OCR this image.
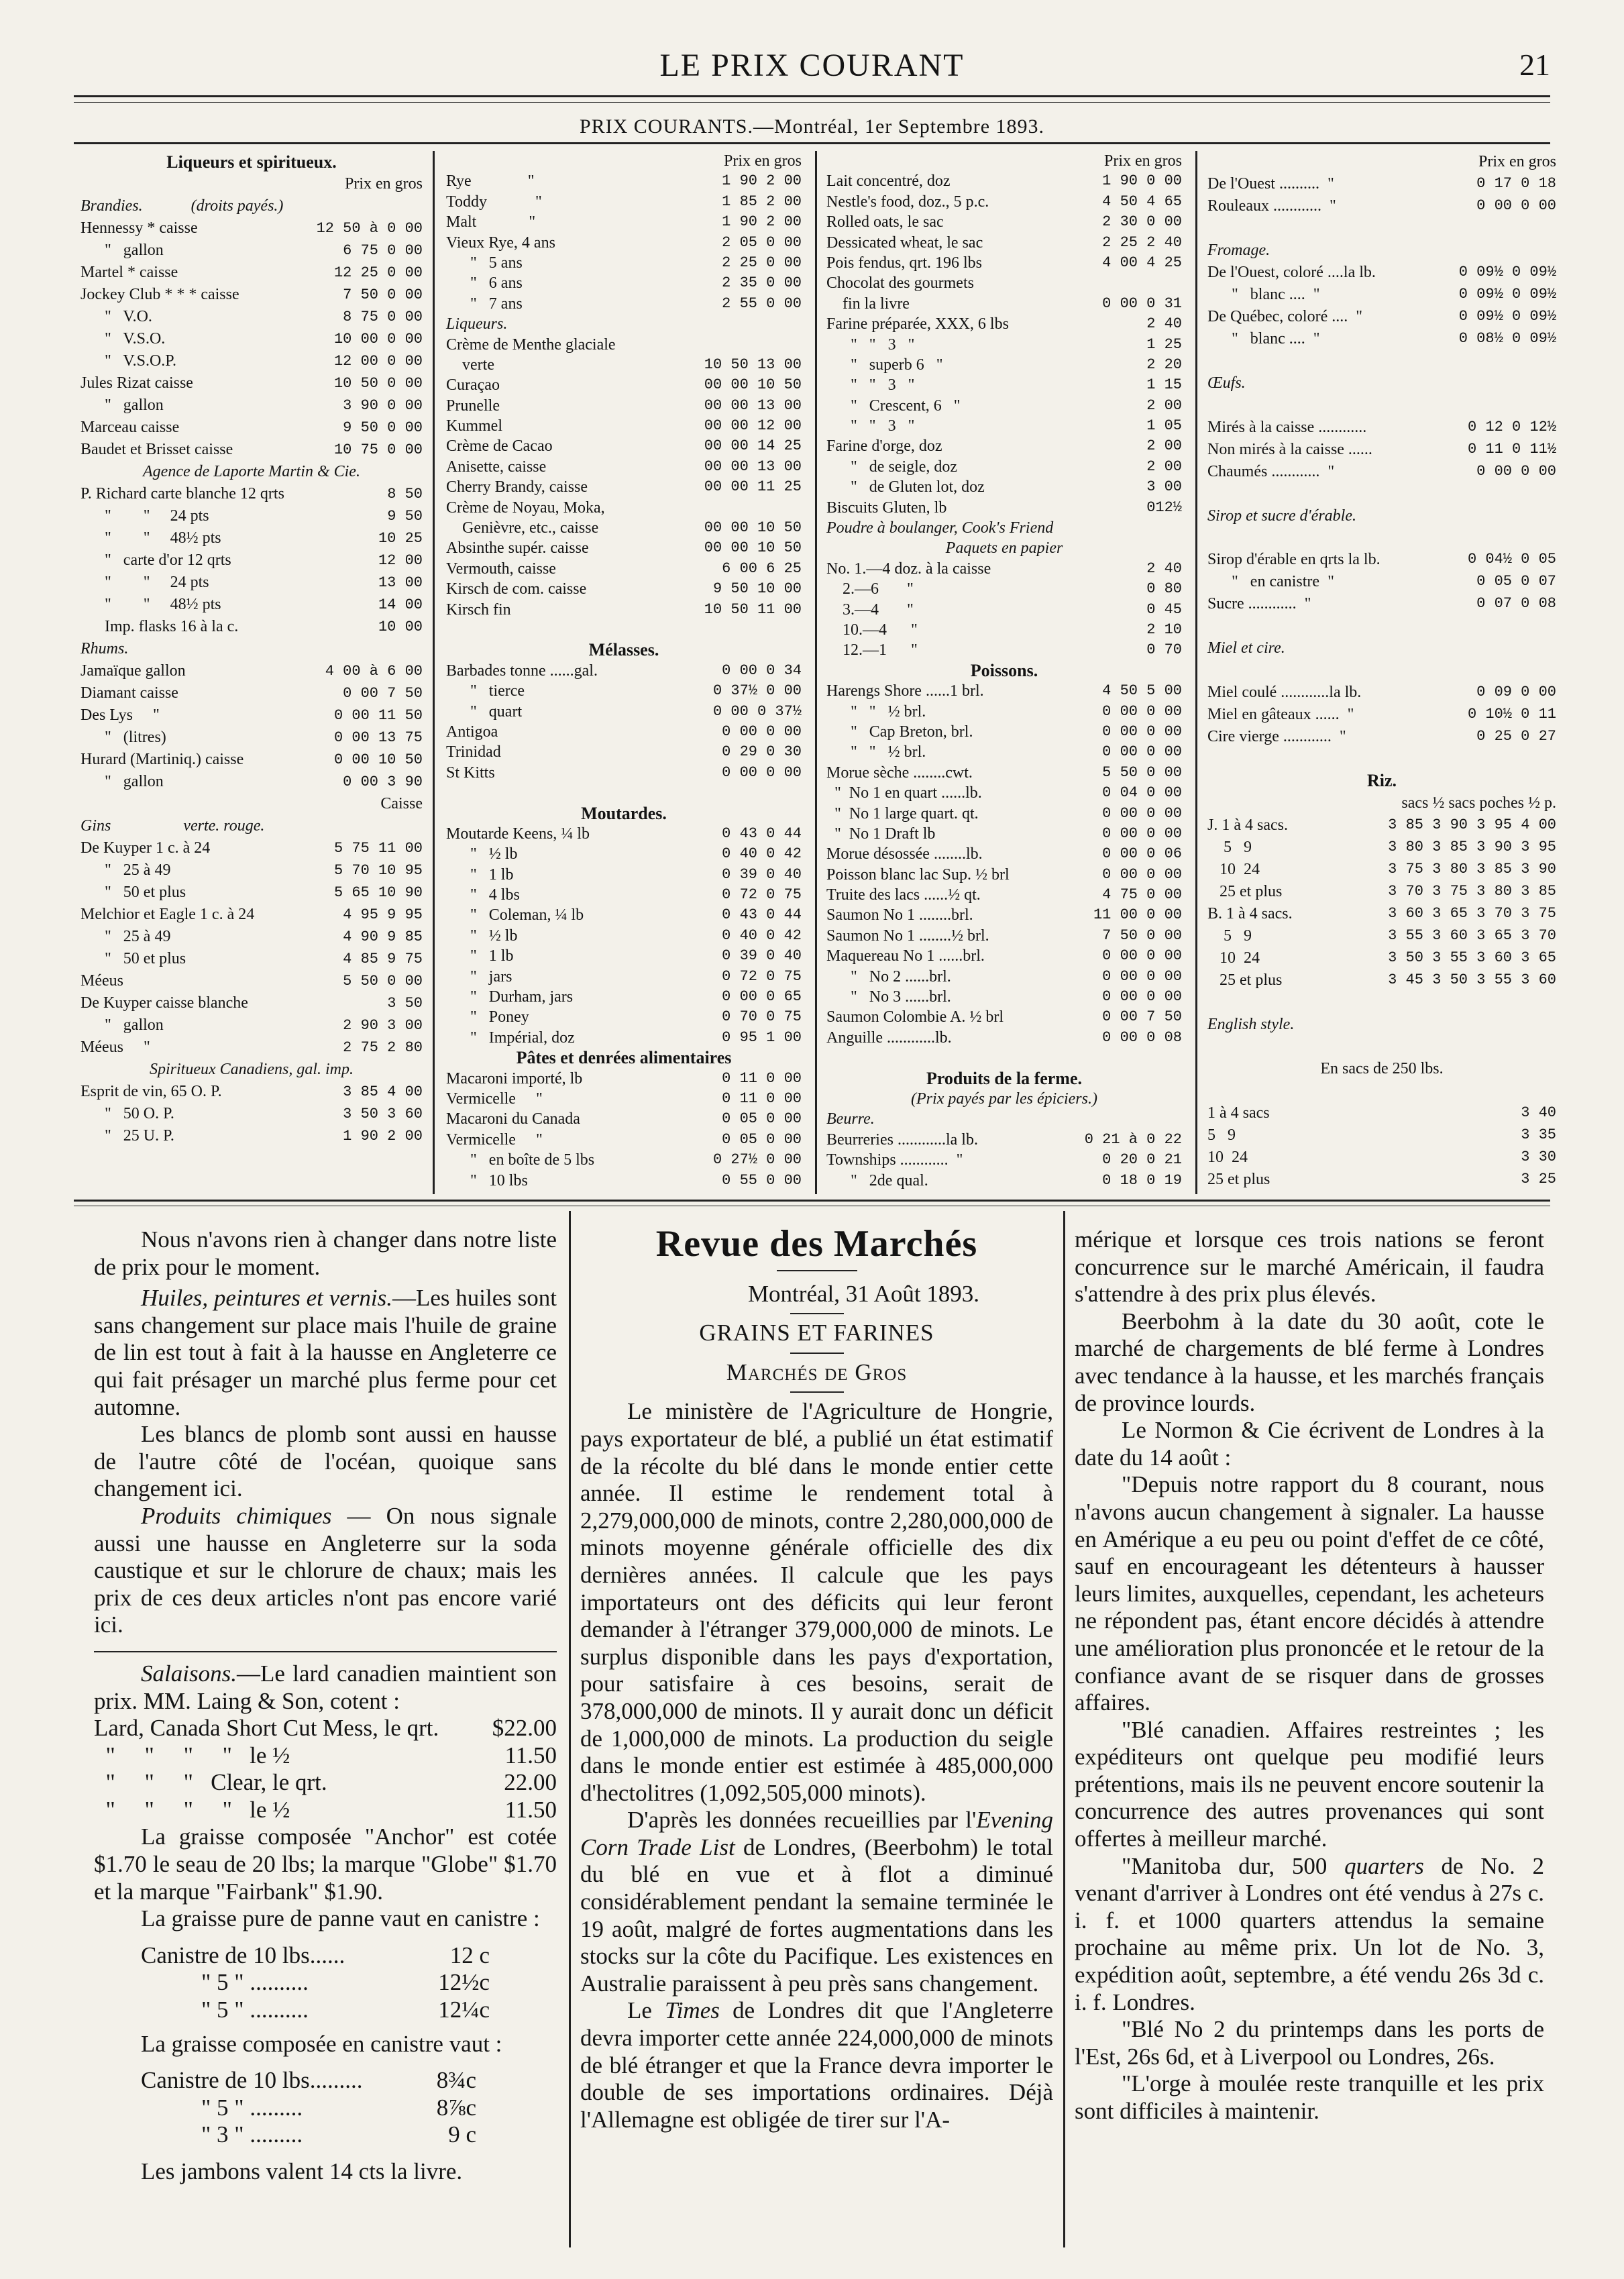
LE PRIX COURANT	21
PRIX COURANTS.—Montréal, 1er Septembre 1893.
Liqueurs et spiritueux.
Prix en gros
Brandies.            (droits payés.)
Hennessy * caisse	12 50 à 0 00
"   gallon	6 75 0 00
Martel * caisse	12 25 0 00
Jockey Club * * * caisse	7 50 0 00
"   V.O.	8 75 0 00
"   V.S.O.	10 00 0 00
"   V.S.O.P.	12 00 0 00
Jules Rizat caisse	10 50 0 00
"   gallon	3 90 0 00
Marceau caisse	9 50 0 00
Baudet et Brisset caisse	10 75 0 00
Agence de Laporte Martin & Cie.
P. Richard carte blanche 12 qrts	8 50
"        "     24 pts	9 50
"        "     48½ pts	10 25
"   carte d'or 12 qrts	12 00
"        "     24 pts	13 00
"        "     48½ pts	14 00
Imp. flasks 16 à la c.	10 00
Rhums.
Jamaïque gallon	4 00 à 6 00
Diamant caisse	0 00 7 50
Des Lys     "	0 00 11 50
"   (litres)	0 00 13 75
Hurard (Martiniq.) caisse	0 00 10 50
"   gallon	0 00 3 90
Caisse
Gins                  verte. rouge.
De Kuyper 1 c. à 24	5 75 11 00
"   25 à 49	5 70 10 95
"   50 et plus	5 65 10 90
Melchior et Eagle 1 c. à 24	4 95 9 95
"   25 à 49	4 90 9 85
"   50 et plus	4 85 9 75
Méeus	5 50 0 00
De Kuyper caisse blanche	3 50
"   gallon	2 90 3 00
Méeus     "	2 75 2 80
Spiritueux Canadiens, gal. imp.
Esprit de vin, 65 O. P.	3 85 4 00
"   50 O. P.	3 50 3 60
"   25 U. P.	1 90 2 00
Prix en gros
Rye              "	1 90 2 00
Toddy            "	1 85 2 00
Malt             "	1 90 2 00
Vieux Rye, 4 ans	2 05 0 00
"   5 ans	2 25 0 00
"   6 ans	2 35 0 00
"   7 ans	2 55 0 00
Liqueurs.
Crème de Menthe glaciale
verte	10 50 13 00
Curaçao	00 00 10 50
Prunelle	00 00 13 00
Kummel	00 00 12 00
Crème de Cacao	00 00 14 25
Anisette, caisse	00 00 13 00
Cherry Brandy, caisse	00 00 11 25
Crème de Noyau, Moka,
Genièvre, etc., caisse	00 00 10 50
Absinthe supér. caisse	00 00 10 50
Vermouth, caisse	6 00 6 25
Kirsch de com. caisse	9 50 10 00
Kirsch fin	10 50 11 00
Mélasses.
Barbades tonne ......gal.	0 00 0 34
"   tierce	0 37½ 0 00
"   quart	0 00 0 37½
Antigoa	0 00 0 00
Trinidad	0 29 0 30
St Kitts	0 00 0 00
Moutardes.
Moutarde Keens, ¼ lb	0 43 0 44
"   ½ lb	0 40 0 42
"   1 lb	0 39 0 40
"   4 lbs	0 72 0 75
"   Coleman, ¼ lb	0 43 0 44
"   ½ lb	0 40 0 42
"   1 lb	0 39 0 40
"   jars	0 72 0 75
"   Durham, jars	0 00 0 65
"   Poney	0 70 0 75
"   Impérial, doz	0 95 1 00
Pâtes et denrées alimentaires
Macaroni importé, lb	0 11 0 00
Vermicelle     "	0 11 0 00
Macaroni du Canada	0 05 0 00
Vermicelle     "	0 05 0 00
"   en boîte de 5 lbs	0 27½ 0 00
"   10 lbs	0 55 0 00
Prix en gros
Lait concentré, doz	1 90 0 00
Nestle's food, doz., 5 p.c.	4 50 4 65
Rolled oats, le sac	2 30 0 00
Dessicated wheat, le sac	2 25 2 40
Pois fendus, qrt. 196 lbs	4 00 4 25
Chocolat des gourmets
fin la livre	0 00 0 31
Farine préparée, XXX, 6 lbs	2 40
"   "   3   "	1 25
"   superb 6   "	2 20
"   "   3   "	1 15
"   Crescent, 6   "	2 00
"   "   3   "	1 05
Farine d'orge, doz	2 00
"   de seigle, doz	2 00
"   de Gluten lot, doz	3 00
Biscuits Gluten, lb	012½
Poudre à boulanger, Cook's Friend
Paquets en papier
No. 1.—4 doz. à la caisse	2 40
2.—6       "	0 80
3.—4       "	0 45
10.—4      "	2 10
12.—1      "	0 70
Poissons.
Harengs Shore ......1 brl.	4 50 5 00
"   "   ½ brl.	0 00 0 00
"   Cap Breton, brl.	0 00 0 00
"   "   ½ brl.	0 00 0 00
Morue sèche ........cwt.	5 50 0 00
"  No 1 en quart ......lb.	0 04 0 00
"  No 1 large quart. qt.	0 00 0 00
"  No 1 Draft lb	0 00 0 00
Morue désossée ........lb.	0 00 0 06
Poisson blanc lac Sup. ½ brl	0 00 0 00
Truite des lacs ......½ qt.	4 75 0 00
Saumon No 1 ........brl.	11 00 0 00
Saumon No 1 ........½ brl.	7 50 0 00
Maquereau No 1 ......brl.	0 00 0 00
"   No 2 ......brl.	0 00 0 00
"   No 3 ......brl.	0 00 0 00
Saumon Colombie A. ½ brl	0 00 7 50
Anguille ............lb.	0 00 0 08
Produits de la ferme.
(Prix payés par les épiciers.)
Beurre.
Beurreries ............la lb.	0 21 à 0 22
Townships ............  "	0 20 0 21
"   2de qual.	0 18 0 19
Prix en gros
De l'Ouest ..........  "	0 17 0 18
Rouleaux ............  "	0 00 0 00
Fromage.
De l'Ouest, coloré ....la lb.	0 09½ 0 09½
"   blanc ....  "	0 09½ 0 09½
De Québec, coloré ....  "	0 09½ 0 09½
"   blanc ....  "	0 08½ 0 09½
Œufs.
Mirés à la caisse ............	0 12 0 12½
Non mirés à la caisse ......	0 11 0 11½
Chaumés ............  "	0 00 0 00
Sirop et sucre d'érable.
Sirop d'érable en qrts la lb.	0 04½ 0 05
"   en canistre  "	0 05 0 07
Sucre ............  "	0 07 0 08
Miel et cire.
Miel coulé ............la lb.	0 09 0 00
Miel en gâteaux ......  "	0 10½ 0 11
Cire vierge ............  "	0 25 0 27
Riz.
sacs ½ sacs poches ½ p.
J. 1 à 4 sacs.	3 85 3 90 3 95 4 00
5   9	3 80 3 85 3 90 3 95
10  24	3 75 3 80 3 85 3 90
25 et plus	3 70 3 75 3 80 3 85
B. 1 à 4 sacs.	3 60 3 65 3 70 3 75
5   9	3 55 3 60 3 65 3 70
10  24	3 50 3 55 3 60 3 65
25 et plus	3 45 3 50 3 55 3 60
English style.
En sacs de 250 lbs.
1 à 4 sacs	3 40
5   9	3 35
10  24	3 30
25 et plus	3 25

Nous n'avons rien à changer dans notre liste de prix pour le moment.

Huiles, peintures et vernis.—Les huiles sont sans changement sur place mais l'huile de graine de lin est tout à fait à la hausse en Angleterre ce qui fait présager un marché plus ferme pour cet automne.

Les blancs de plomb sont aussi en hausse de l'autre côté de l'océan, quoique sans changement ici.

Produits chimiques — On nous signale aussi une hausse en Angleterre sur la soda caustique et sur le chlorure de chaux; mais les prix de ces deux articles n'ont pas encore varié ici.

Salaisons.—Le lard canadien maintient son prix. MM. Laing & Son, cotent :

Lard, Canada Short Cut Mess, le qrt. $22.00
"     "     "     "   le ½	11.50
"     "     "   Clear, le qrt.	22.00
"     "     "     "   le ½	11.50

La graisse composée "Anchor" est cotée $1.70 le seau de 20 lbs; la marque "Globe" $1.70 et la marque "Fairbank" $1.90.

La graisse pure de panne vaut en canistre :

Canistre de 10 lbs......	12 c
" 5 " ..........	12½c
" 5 " ..........	12¼c

La graisse composée en canistre vaut :

Canistre de 10 lbs.........	8¾c
" 5 " .........	8⅞c
" 3 " .........	9 c

Les jambons valent 14 cts la livre.

Revue des Marchés

Montréal, 31 Août 1893.

GRAINS ET FARINES

Marchés de Gros

Le ministère de l'Agriculture de Hongrie, pays exportateur de blé, a publié un état estimatif de la récolte du blé dans le monde entier cette année. Il estime le rendement total à 2,279,000,000 de minots, contre 2,280,000,000 de minots moyenne générale officielle des dix dernières années. Il calcule que les pays importateurs ont des déficits qui leur feront demander à l'étranger 379,000,000 de minots. Le surplus disponible dans les pays d'exportation, pour satisfaire à ces besoins, serait de 378,000,000 de minots. Il y aurait donc un déficit de 1,000,000 de minots. La production du seigle dans le monde entier est estimée à 485,000,000 d'hectolitres (1,092,505,000 minots).

D'après les données recueillies par l'Evening Corn Trade List de Londres, (Beerbohm) le total du blé en vue et à flot a diminué considérablement pendant la semaine terminée le 19 août, malgré de fortes augmentations dans les stocks sur la côte du Pacifique. Les existences en Australie paraissent à peu près sans changement.

Le Times de Londres dit que l'Angleterre devra importer cette année 224,000,000 de minots de blé étranger et que la France devra importer le double de ses importations ordinaires. Déjà l'Allemagne est obligée de tirer sur l'A-

mérique et lorsque ces trois nations se feront concurrence sur le marché Américain, il faudra s'attendre à des prix plus élevés.

Beerbohm à la date du 30 août, cote le marché de chargements de blé ferme à Londres avec tendance à la hausse, et les marchés français de province lourds.

Le Normon & Cie écrivent de Londres à la date du 14 août :

"Depuis notre rapport du 8 courant, nous n'avons aucun changement à signaler. La hausse en Amérique a eu peu ou point d'effet de ce côté, sauf en encourageant les détenteurs à hausser leurs limites, auxquelles, cependant, les acheteurs ne répondent pas, étant encore décidés à attendre une amélioration plus prononcée et le retour de la confiance avant de se risquer dans de grosses affaires.

"Blé canadien. Affaires restreintes ; les expéditeurs ont quelque peu modifié leurs prétentions, mais ils ne peuvent encore soutenir la concurrence des autres provenances qui sont offertes à meilleur marché.

"Manitoba dur, 500 quarters de No. 2 venant d'arriver à Londres ont été vendus à 27s c. i. f. et 1000 quarters attendus la semaine prochaine au même prix. Un lot de No. 3, expédition août, septembre, a été vendu 26s 3d c. i. f. Londres.

"Blé No 2 du printemps dans les ports de l'Est, 26s 6d, et à Liverpool ou Londres, 26s.

"L'orge à moulée reste tranquille et les prix sont difficiles à maintenir.
